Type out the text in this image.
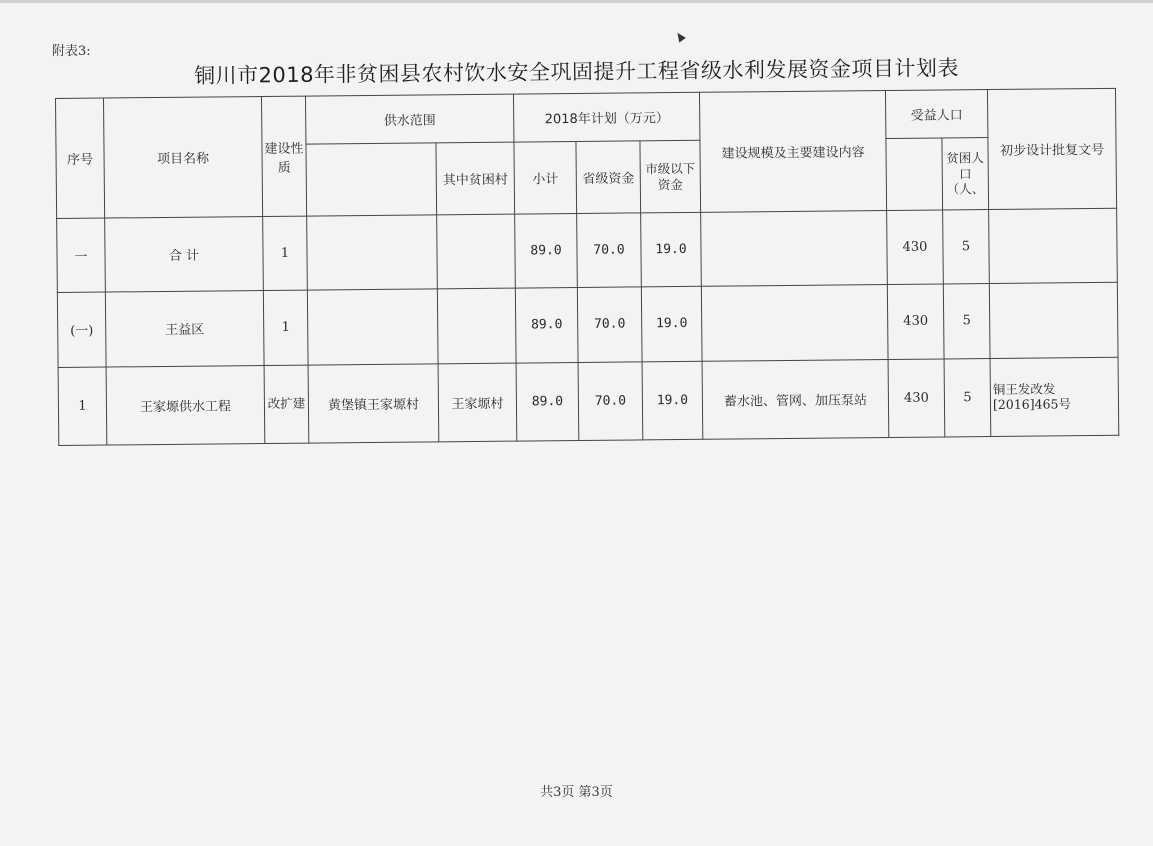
附表3:
铜川市2018年非贫困县农村饮水安全巩固提升工程省级水利发展资金项目计划表
序号	项目名称	建设性质	供水范围		2018年计划（万元）			建设规模及主要建设内容	受益人口		初步设计批复文号
				其中贫困村	小计	省级资金	市级以下资金			贫困人口（人、	
一	合 计	1			89.0	70.0	19.0		430	5	
(一)	王益区	1			89.0	70.0	19.0		430	5	
1	王家塬供水工程	改扩建	黄堡镇王家塬村	王家塬村	89.0	70.0	19.0	蓄水池、管网、加压泵站	430	5	铜王发改发[2016]465号
共3页 第3页
